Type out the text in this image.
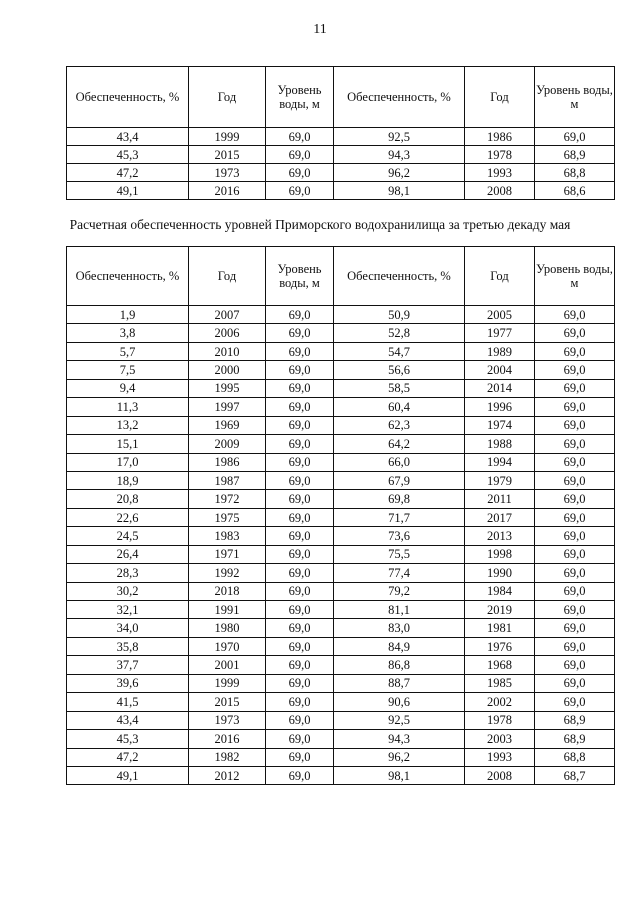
11
Обеспеченность, %	Год	Уровень воды, м	Обеспеченность, %	Год	Уровень воды, м
43,4	1999	69,0	92,5	1986	69,0
45,3	2015	69,0	94,3	1978	68,9
47,2	1973	69,0	96,2	1993	68,8
49,1	2016	69,0	98,1	2008	68,6
Расчетная обеспеченность уровней Приморского водохранилища за третью декаду мая
Обеспеченность, %	Год	Уровень воды, м	Обеспеченность, %	Год	Уровень воды, м
1,9	2007	69,0	50,9	2005	69,0
3,8	2006	69,0	52,8	1977	69,0
5,7	2010	69,0	54,7	1989	69,0
7,5	2000	69,0	56,6	2004	69,0
9,4	1995	69,0	58,5	2014	69,0
11,3	1997	69,0	60,4	1996	69,0
13,2	1969	69,0	62,3	1974	69,0
15,1	2009	69,0	64,2	1988	69,0
17,0	1986	69,0	66,0	1994	69,0
18,9	1987	69,0	67,9	1979	69,0
20,8	1972	69,0	69,8	2011	69,0
22,6	1975	69,0	71,7	2017	69,0
24,5	1983	69,0	73,6	2013	69,0
26,4	1971	69,0	75,5	1998	69,0
28,3	1992	69,0	77,4	1990	69,0
30,2	2018	69,0	79,2	1984	69,0
32,1	1991	69,0	81,1	2019	69,0
34,0	1980	69,0	83,0	1981	69,0
35,8	1970	69,0	84,9	1976	69,0
37,7	2001	69,0	86,8	1968	69,0
39,6	1999	69,0	88,7	1985	69,0
41,5	2015	69,0	90,6	2002	69,0
43,4	1973	69,0	92,5	1978	68,9
45,3	2016	69,0	94,3	2003	68,9
47,2	1982	69,0	96,2	1993	68,8
49,1	2012	69,0	98,1	2008	68,7
